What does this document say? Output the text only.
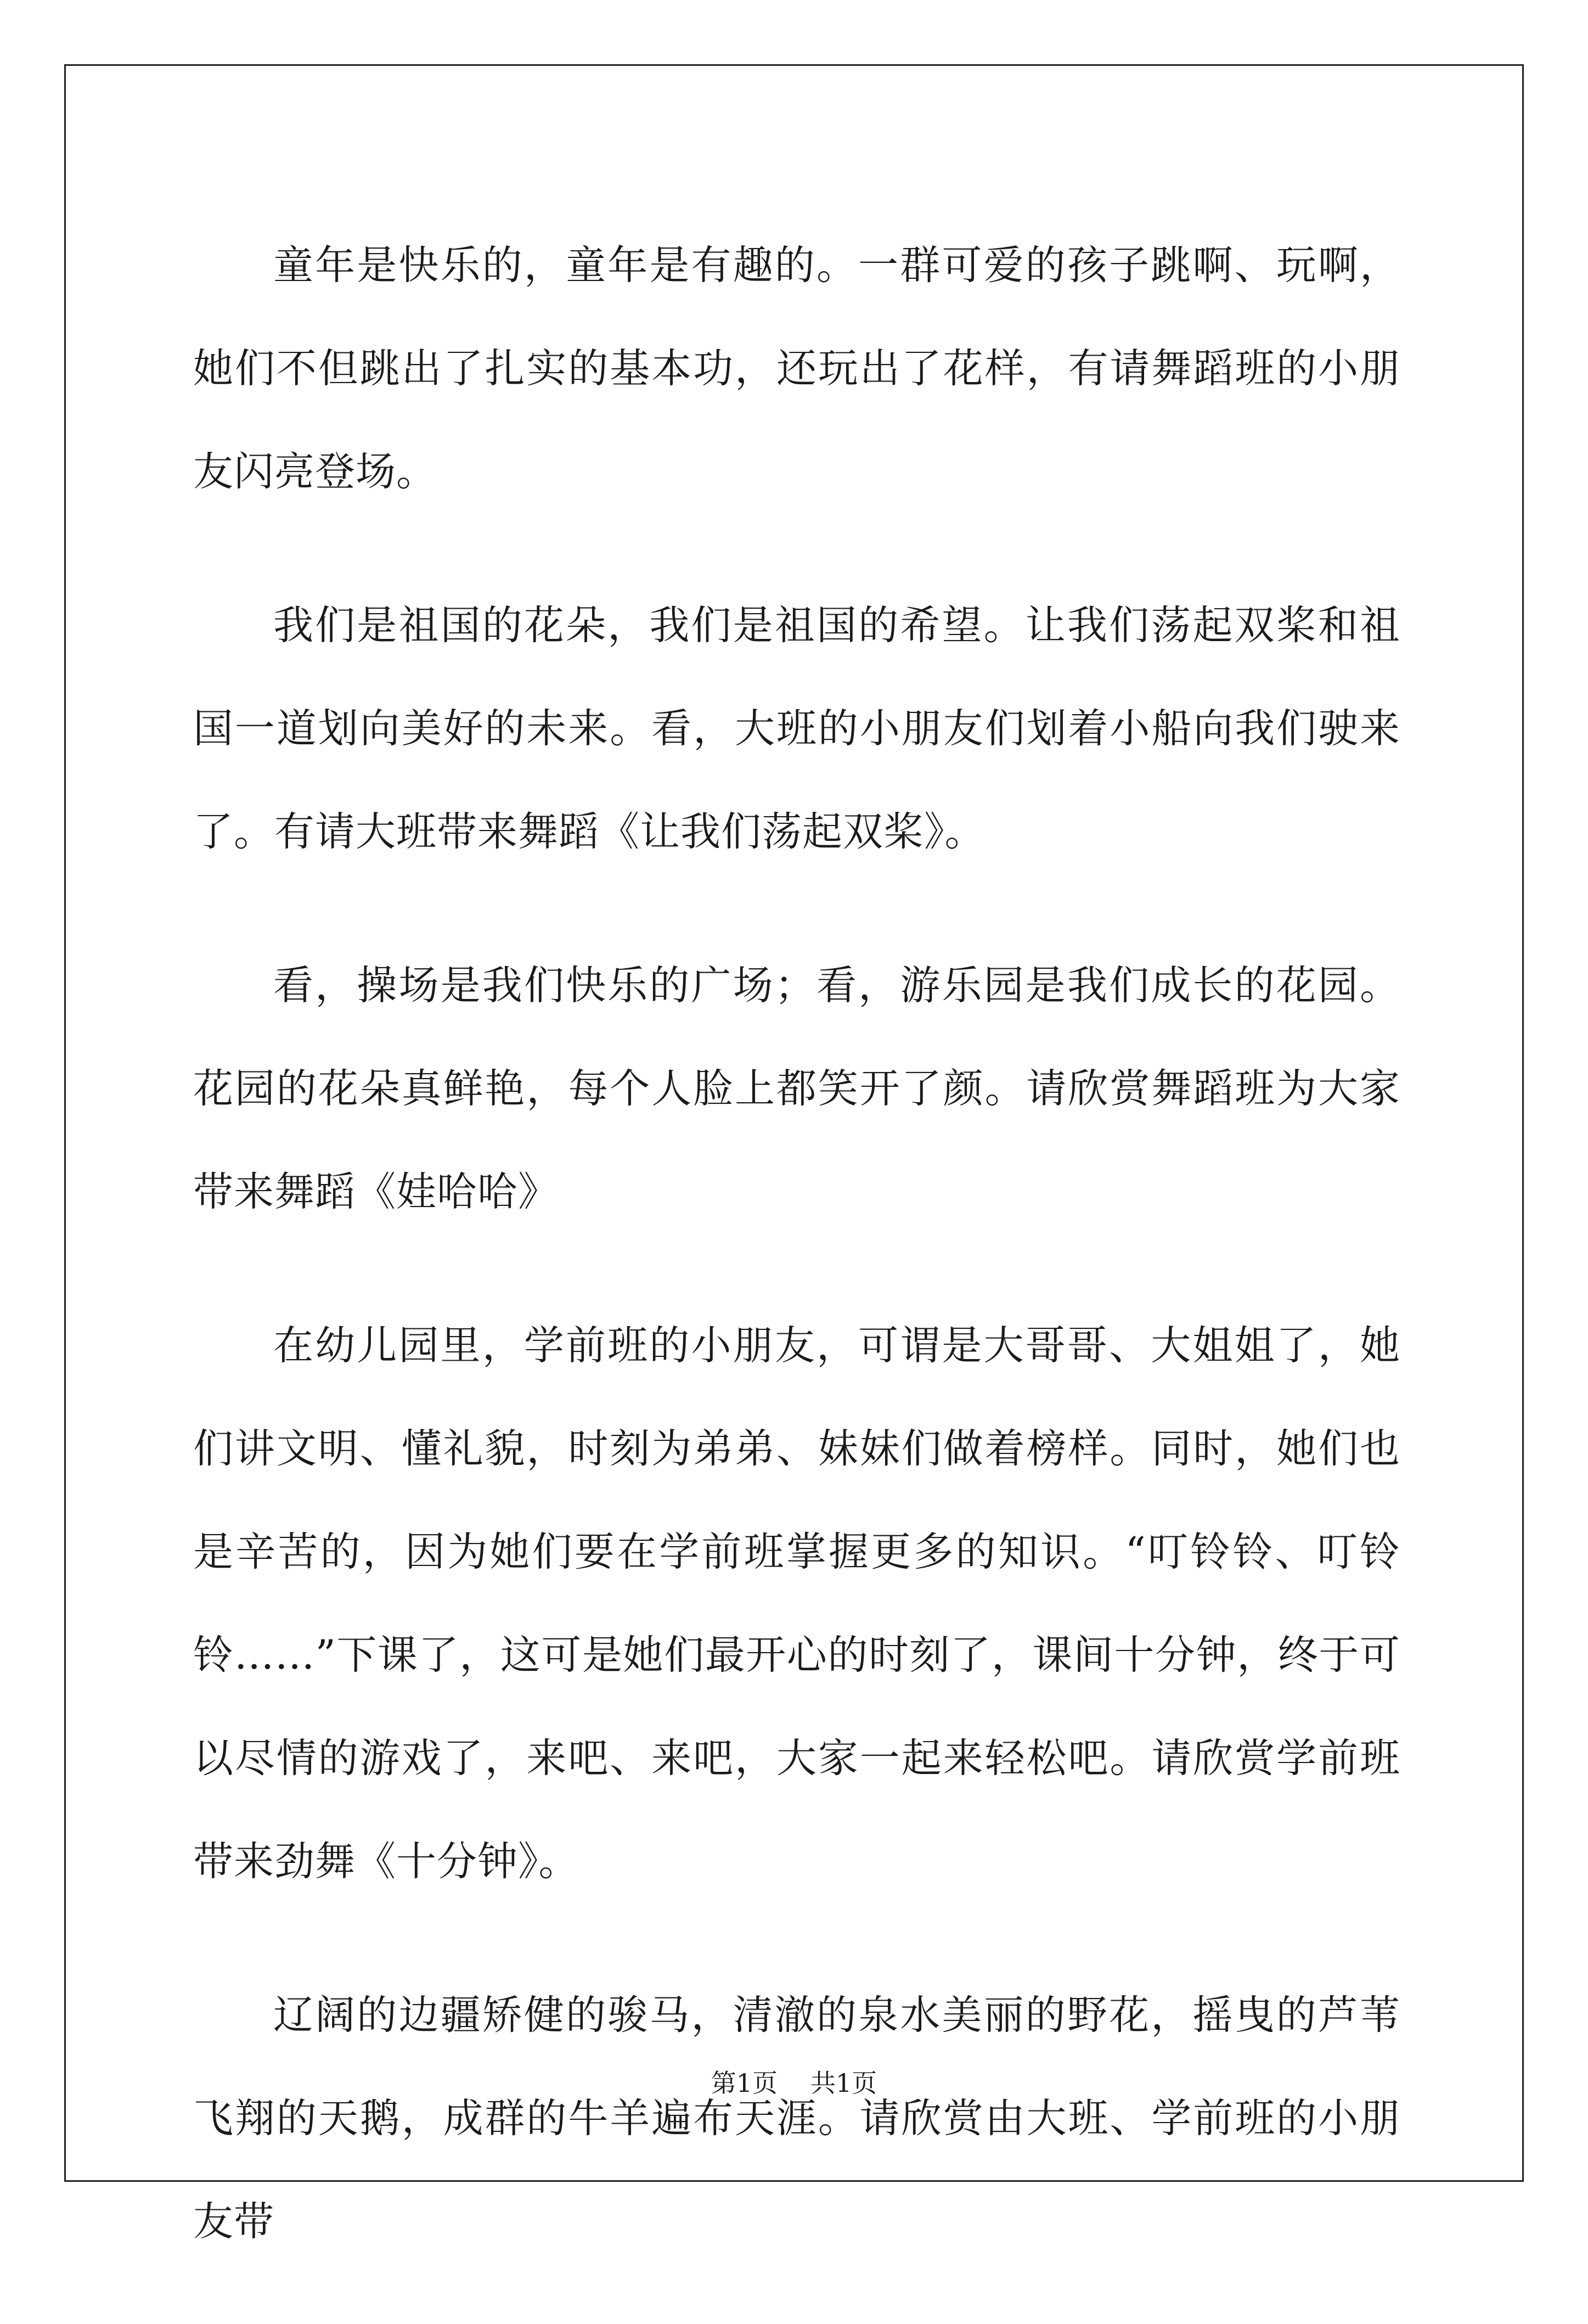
童年是快乐的，童年是有趣的。一群可爱的孩子跳啊、玩啊，她们不但跳出了扎实的基本功，还玩出了花样，有请舞蹈班的小朋友闪亮登场。

我们是祖国的花朵，我们是祖国的希望。让我们荡起双桨和祖国一道划向美好的未来。看，大班的小朋友们划着小船向我们驶来了。有请大班带来舞蹈《让我们荡起双桨》。

看，操场是我们快乐的广场；看，游乐园是我们成长的花园。花园的花朵真鲜艳，每个人脸上都笑开了颜。请欣赏舞蹈班为大家带来舞蹈《娃哈哈》

在幼儿园里，学前班的小朋友，可谓是大哥哥、大姐姐了，她们讲文明、懂礼貌，时刻为弟弟、妹妹们做着榜样。同时，她们也是辛苦的，因为她们要在学前班掌握更多的知识。“叮铃铃、叮铃铃……”下课了，这可是她们最开心的时刻了，课间十分钟，终于可以尽情的游戏了，来吧、来吧，大家一起来轻松吧。请欣赏学前班带来劲舞《十分钟》。

辽阔的边疆矫健的骏马，清澈的泉水美丽的野花，摇曳的芦苇飞翔的天鹅，成群的牛羊遍布天涯。请欣赏由大班、学前班的小朋友带

第1页 共1页
